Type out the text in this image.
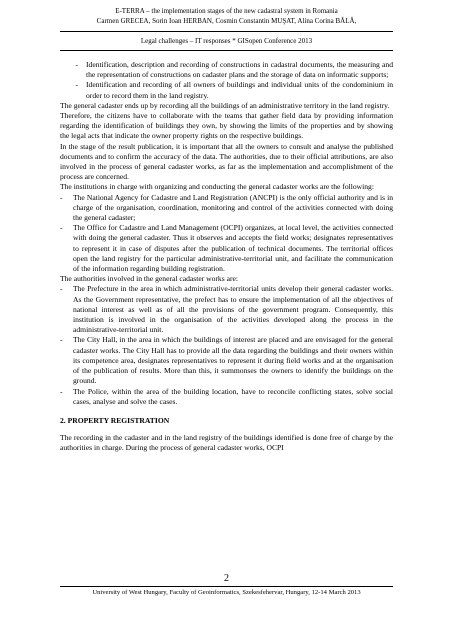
E-TERRA – the implementation stages of the new cadastral system in Romania
Carmen GRECEA, Sorin Ioan HERBAN, Cosmin Constantin MUŞAT, Alina Corina BĂLĂ,
Legal challenges – IT responses * GISopen Conference 2013
-	Identification, description and recording of constructions in cadastral documents, the measuring and the representation of constructions on cadaster plans and the storage of data on informatic supports;
-	Identification and recording of all owners of buildings and individual units of the condominium in order to record them in the land registry.

The general cadaster ends up by recording all the buildings of an administrative territory in the land registry.

Therefore, the citizens have to collaborate with the teams that gather field data by providing information regarding the identification of buildings they own, by showing the limits of the properties and by showing the legal acts that indicate the owner property rights on the respective buildings.

In the stage of the result publication, it is important that all the owners to consult and analyse the published documents and to confirm the accuracy of the data. The authorities, due to their official attributions, are also involved in the process of general cadaster works, as far as the implementation and accomplishment of the process are concerned.

The institutions in charge with organizing and conducting the general cadaster works are the following:

-	The National Agency for Cadastre and Land Registration (ANCPI) is the only official authority and is in charge of the organisation, coordination, monitoring and control of the activities connected with doing the general cadaster;
-	The Office for Cadastre and Land Management (OCPI) organizes, at local level, the activities connected with doing the general cadaster. Thus it observes and accepts the field works; designates representatives to represent it in case of disputes after the publication of technical documents. The territorial offices open the land registry for the particular administrative-territorial unit, and facilitate the communication of the information regarding building registration.

The authorities involved in the general cadaster works are:

-	The Prefecture in the area in which administrative-territorial units develop their general cadaster works. As the Government representative, the prefect has to ensure the implementation of all the objectives of national interest as well as of all the provisions of the government program. Consequently, this institution is involved in the organisation of the activities developed along the process in the administrative-territorial unit.
-	The City Hall, in the area in which the buildings of interest are placed and are envisaged for the general cadaster works. The City Hall has to provide all the data regarding the buildings and their owners within its competence area, designates representatives to represent it during field works and at the organisation of the publication of results. More than this, it summonses the owners to identify the buildings on the ground.
-	The Police, within the area of the building location, have to reconcile conflicting states, solve social cases, analyse and solve the cases.
2. PROPERTY REGISTRATION

The recording in the cadaster and in the land registry of the buildings identified is done free of charge by the authorities in charge. During the process of general cadaster works, OCPI

2
University of West Hungary, Faculty of Geoinformatics, Szekesfehervar, Hungary, 12-14 March 2013
